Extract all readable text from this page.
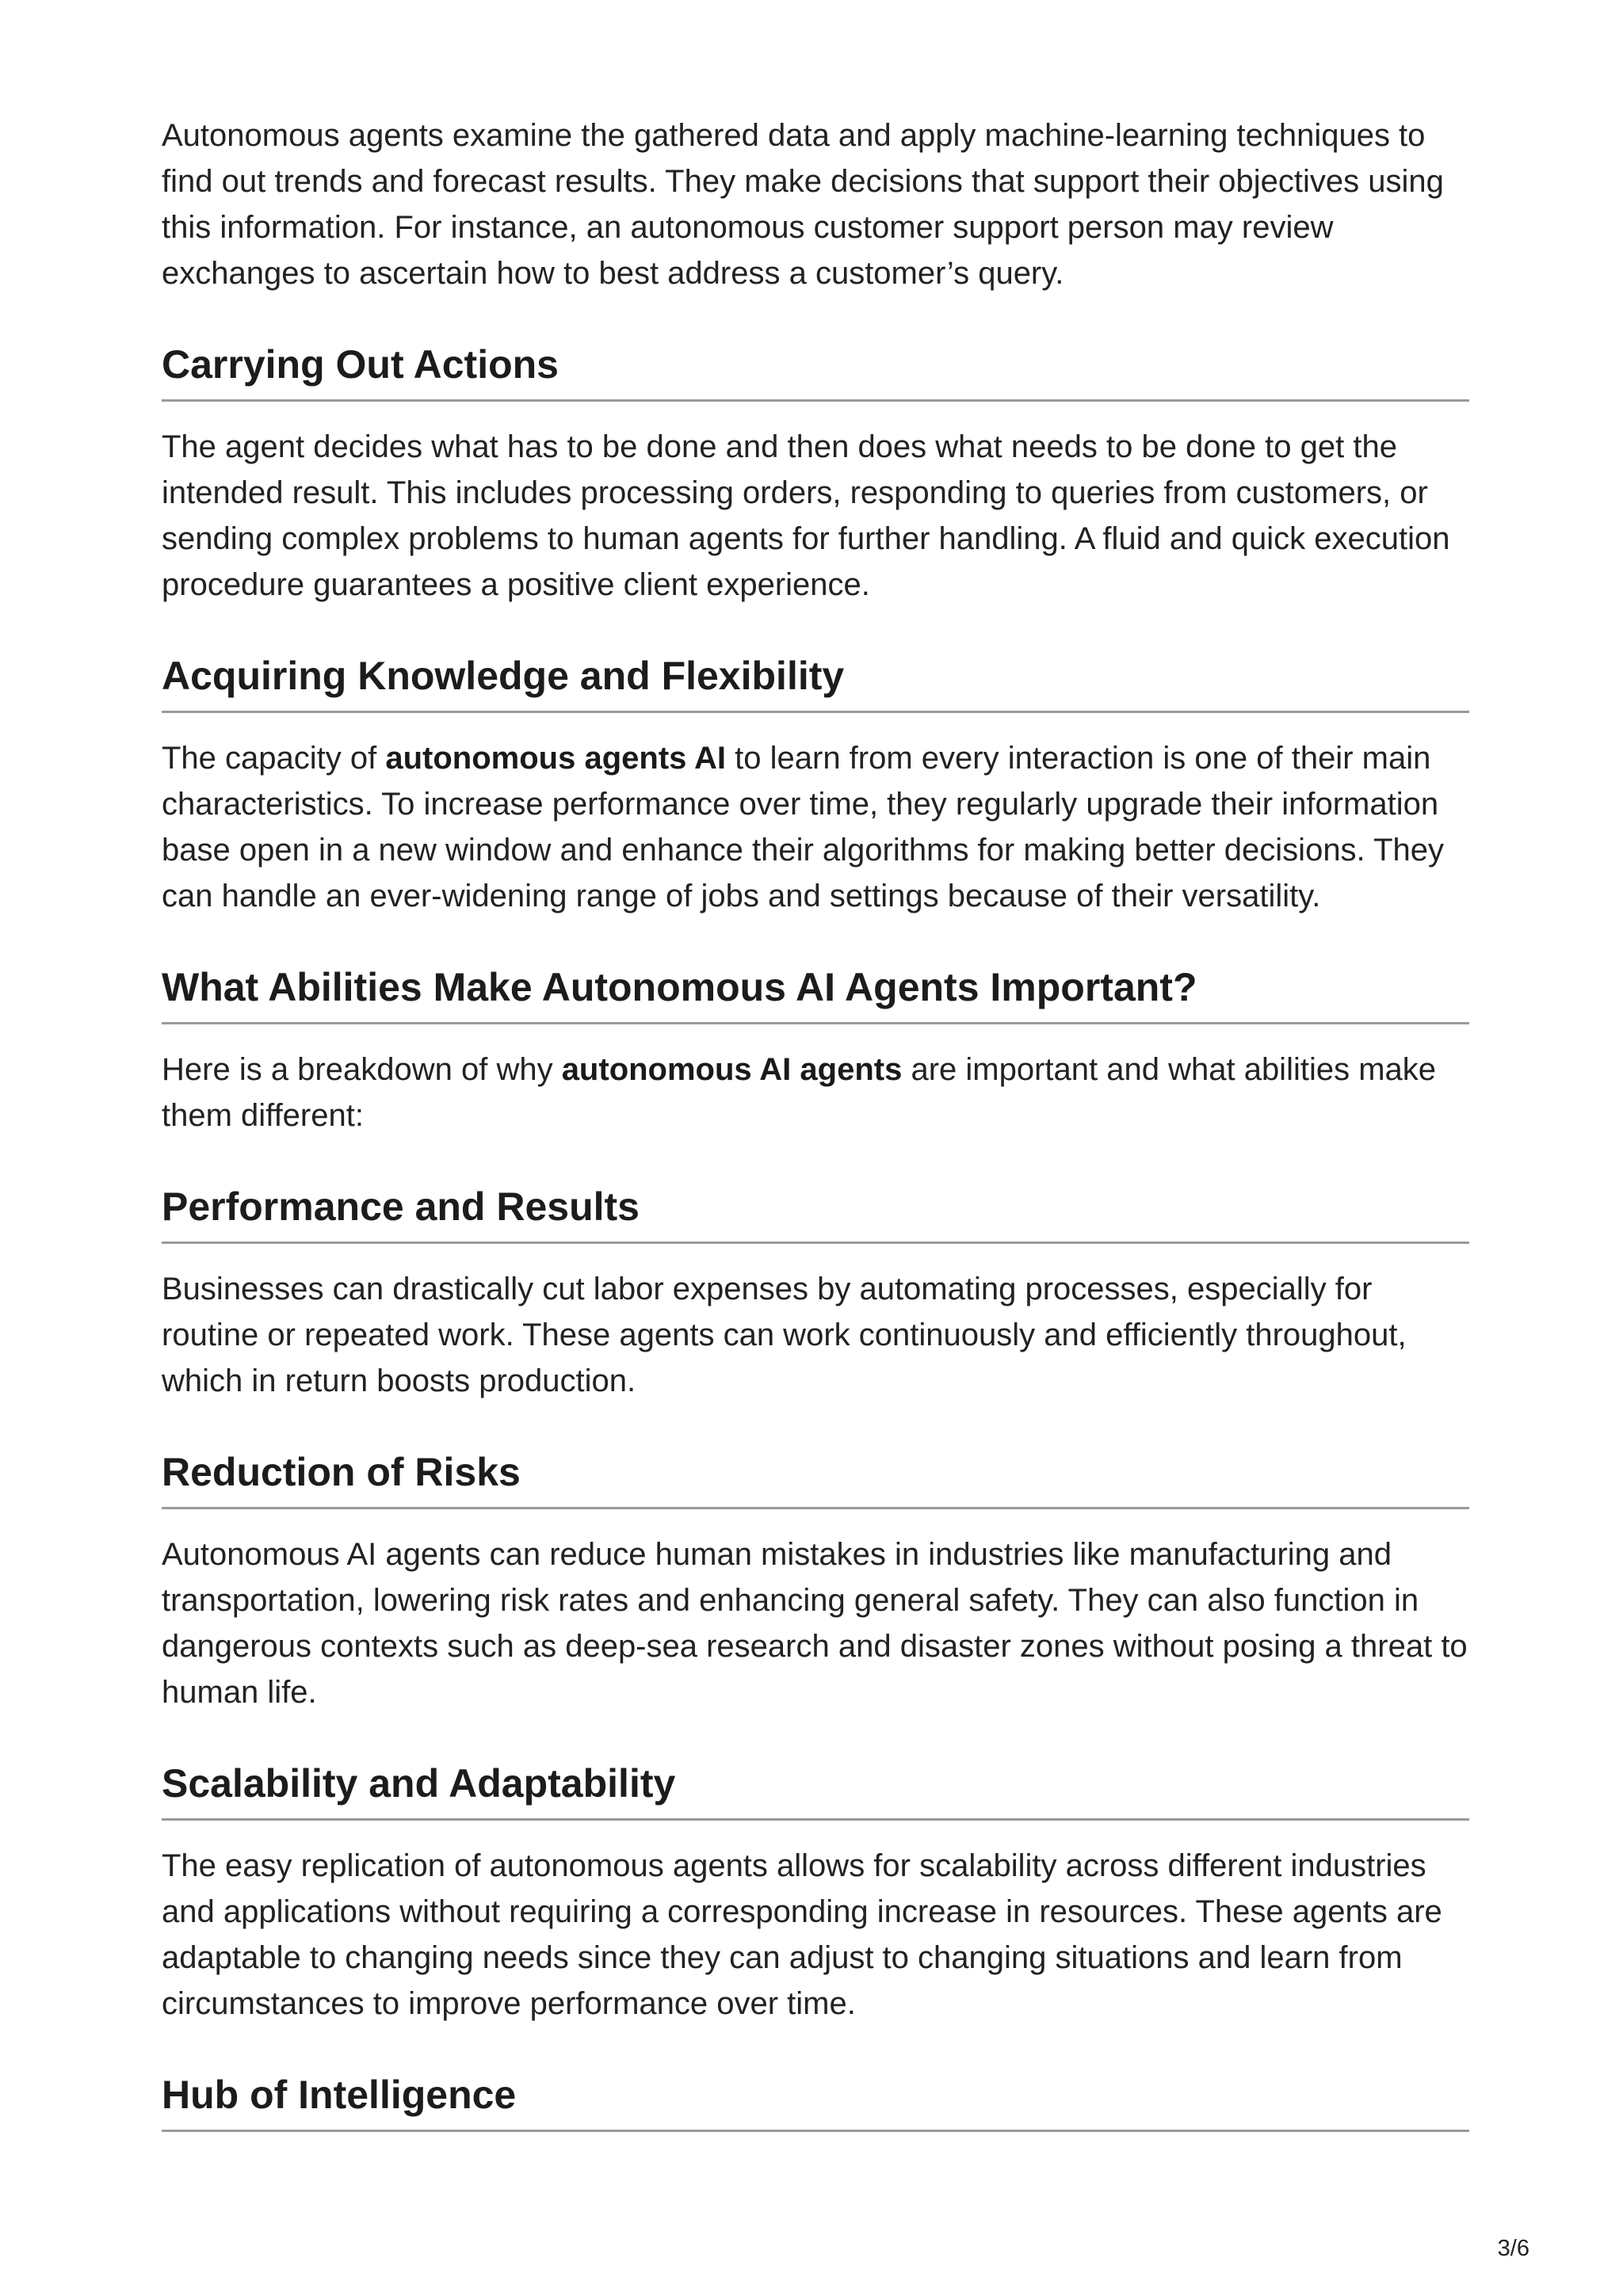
Autonomous agents examine the gathered data and apply machine-learning techniques to find out trends and forecast results. They make decisions that support their objectives using this information. For instance, an autonomous customer support person may review exchanges to ascertain how to best address a customer’s query.

Carrying Out Actions

The agent decides what has to be done and then does what needs to be done to get the intended result. This includes processing orders, responding to queries from customers, or sending complex problems to human agents for further handling. A fluid and quick execution procedure guarantees a positive client experience.

Acquiring Knowledge and Flexibility

The capacity of autonomous agents AI to learn from every interaction is one of their main characteristics. To increase performance over time, they regularly upgrade their information base open in a new window and enhance their algorithms for making better decisions. They can handle an ever-widening range of jobs and settings because of their versatility.

What Abilities Make Autonomous AI Agents Important?

Here is a breakdown of why autonomous AI agents are important and what abilities make them different:

Performance and Results

Businesses can drastically cut labor expenses by automating processes, especially for routine or repeated work. These agents can work continuously and efficiently throughout, which in return boosts production.

Reduction of Risks

Autonomous AI agents can reduce human mistakes in industries like manufacturing and transportation, lowering risk rates and enhancing general safety. They can also function in dangerous contexts such as deep-sea research and disaster zones without posing a threat to human life.

Scalability and Adaptability

The easy replication of autonomous agents allows for scalability across different industries and applications without requiring a corresponding increase in resources. These agents are adaptable to changing needs since they can adjust to changing situations and learn from circumstances to improve performance over time.

Hub of Intelligence
3/6
